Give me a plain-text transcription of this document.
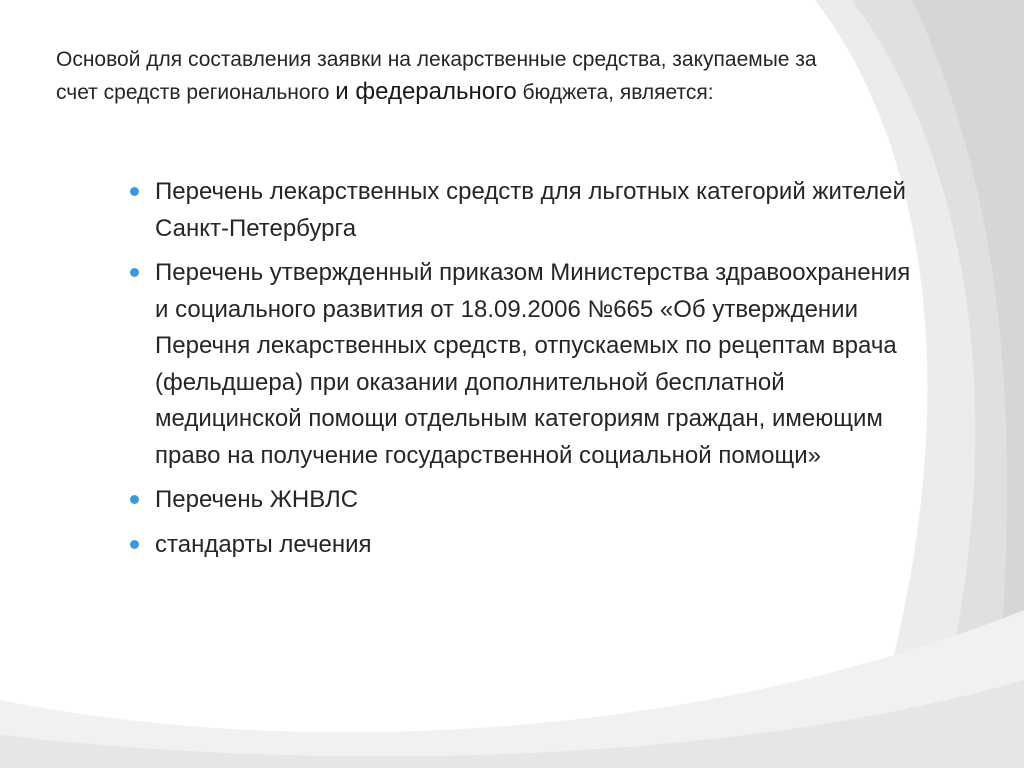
Основой для составления заявки на лекарственные средства, закупаемые за счет средств регионального и федерального бюджета, является:

Перечень лекарственных средств для льготных категорий жителей Санкт-Петербурга
Перечень утвержденный приказом Министерства здравоохранения и социального развития от 18.09.2006 №665 «Об утверждении Перечня лекарственных средств, отпускаемых по рецептам врача (фельдшера) при оказании дополнительной бесплатной медицинской помощи отдельным категориям граждан, имеющим право на получение государственной социальной помощи»
Перечень ЖНВЛС
стандарты лечения
